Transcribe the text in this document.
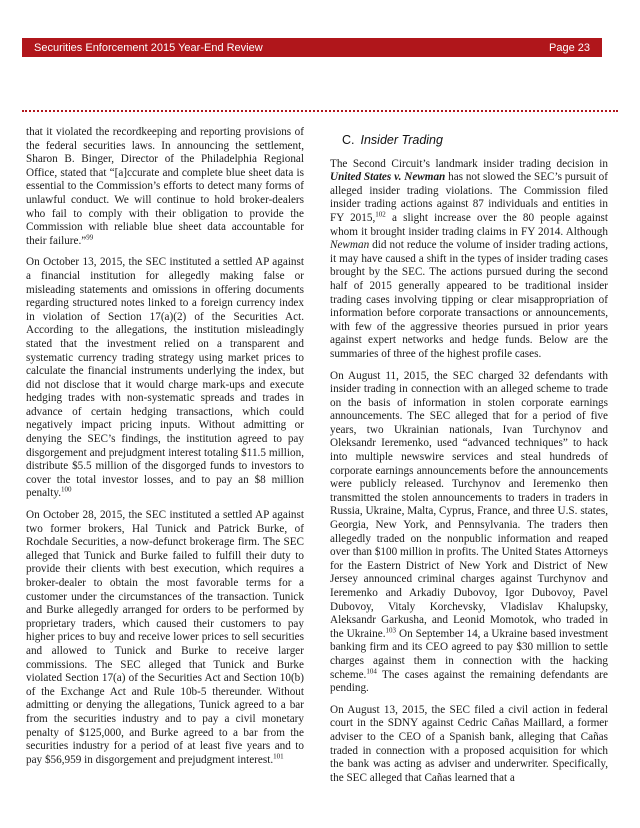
Securities Enforcement 2015 Year-End Review	Page 23

that it violated the recordkeeping and reporting provisions of the federal securities laws. In announcing the settlement, Sharon B. Binger, Director of the Philadelphia Regional Office, stated that “[a]ccurate and complete blue sheet data is essential to the Commission’s efforts to detect many forms of unlawful conduct. We will continue to hold broker-dealers who fail to comply with their obligation to provide the Commission with reliable blue sheet data accountable for their failure.”$^{99}$

On October 13, 2015, the SEC instituted a settled AP against a financial institution for allegedly making false or misleading statements and omissions in offering documents regarding structured notes linked to a foreign currency index in violation of Section 17(a)(2) of the Securities Act. According to the allegations, the institution misleadingly stated that the investment relied on a transparent and systematic currency trading strategy using market prices to calculate the financial instruments underlying the index, but did not disclose that it would charge mark-ups and execute hedging trades with non-systematic spreads and trades in advance of certain hedging transactions, which could negatively impact pricing inputs. Without admitting or denying the SEC’s findings, the institution agreed to pay disgorgement and prejudgment interest totaling $11.5 million, distribute $5.5 million of the disgorged funds to investors to cover the total investor losses, and to pay an $8 million penalty.$^{100}$

On October 28, 2015, the SEC instituted a settled AP against two former brokers, Hal Tunick and Patrick Burke, of Rochdale Securities, a now-defunct brokerage firm. The SEC alleged that Tunick and Burke failed to fulfill their duty to provide their clients with best execution, which requires a broker-dealer to obtain the most favorable terms for a customer under the circumstances of the transaction. Tunick and Burke allegedly arranged for orders to be performed by proprietary traders, which caused their customers to pay higher prices to buy and receive lower prices to sell securities and allowed to Tunick and Burke to receive larger commissions. The SEC alleged that Tunick and Burke violated Section 17(a) of the Securities Act and Section 10(b) of the Exchange Act and Rule 10b-5 thereunder. Without admitting or denying the allegations, Tunick agreed to a bar from the securities industry and to pay a civil monetary penalty of $125,000, and Burke agreed to a bar from the securities industry for a period of at least five years and to pay $56,959 in disgorgement and prejudgment interest.$^{101}$

C. Insider Trading

The Second Circuit’s landmark insider trading decision in United States v. Newman has not slowed the SEC’s pursuit of alleged insider trading violations. The Commission filed insider trading actions against 87 individuals and entities in FY 2015,$^{102}$ a slight increase over the 80 people against whom it brought insider trading claims in FY 2014. Although Newman did not reduce the volume of insider trading actions, it may have caused a shift in the types of insider trading cases brought by the SEC. The actions pursued during the second half of 2015 generally appeared to be traditional insider trading cases involving tipping or clear misappropriation of information before corporate transactions or announcements, with few of the aggressive theories pursued in prior years against expert networks and hedge funds. Below are the summaries of three of the highest profile cases.

On August 11, 2015, the SEC charged 32 defendants with insider trading in connection with an alleged scheme to trade on the basis of information in stolen corporate earnings announcements. The SEC alleged that for a period of five years, two Ukrainian nationals, Ivan Turchynov and Oleksandr Ieremenko, used “advanced techniques” to hack into multiple newswire services and steal hundreds of corporate earnings announcements before the announcements were publicly released. Turchynov and Ieremenko then transmitted the stolen announcements to traders in traders in Russia, Ukraine, Malta, Cyprus, France, and three U.S. states, Georgia, New York, and Pennsylvania. The traders then allegedly traded on the nonpublic information and reaped over than $100 million in profits. The United States Attorneys for the Eastern District of New York and District of New Jersey announced criminal charges against Turchynov and Ieremenko and Arkadiy Dubovoy, Igor Dubovoy, Pavel Dubovoy, Vitaly Korchevsky, Vladislav Khalupsky, Aleksandr Garkusha, and Leonid Momotok, who traded in the Ukraine.$^{103}$ On September 14, a Ukraine based investment banking firm and its CEO agreed to pay $30 million to settle charges against them in connection with the hacking scheme.$^{104}$ The cases against the remaining defendants are pending.

On August 13, 2015, the SEC filed a civil action in federal court in the SDNY against Cedric Cañas Maillard, a former adviser to the CEO of a Spanish bank, alleging that Cañas traded in connection with a proposed acquisition for which the bank was acting as adviser and underwriter. Specifically, the SEC alleged that Cañas learned that a
